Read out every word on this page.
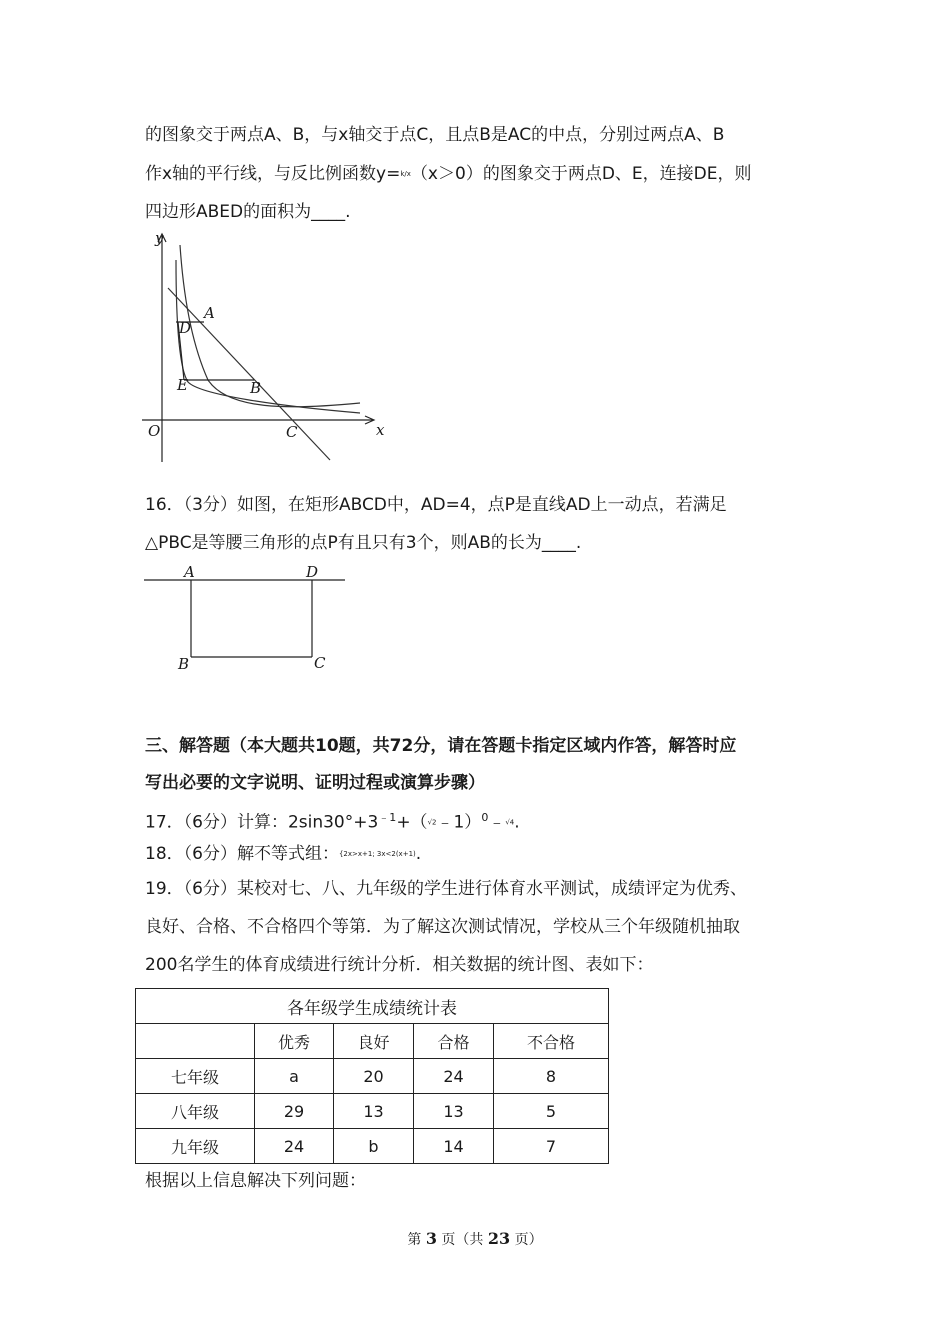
的图象交于两点A、B，与x轴交于点C，且点B是AC的中点，分别过两点A、B
作x轴的平行线，与反比例函数y=k/x（x＞0）的图象交于两点D、E，连接DE，则
四边形ABED的面积为____.
y
x
O
A
B
C
D
E
16．（3分）如图，在矩形ABCD中，AD=4，点P是直线AD上一动点，若满足
△PBC是等腰三角形的点P有且只有3个，则AB的长为____.
A	D
B	C
三、解答题（本大题共10题，共72分，请在答题卡指定区域内作答，解答时应
写出必要的文字说明、证明过程或演算步骤）
17．（6分）计算：$2\sin 30^\circ+3^{﹣1}+(√2﹣1)^0﹣√4$.
18．（6分）解不等式组：{2x>x+1; 3x<2(x+1).
19．（6分）某校对七、八、九年级的学生进行体育水平测试，成绩评定为优秀、
良好、合格、不合格四个等第．为了解这次测试情况，学校从三个年级随机抽取
200名学生的体育成绩进行统计分析．相关数据的统计图、表如下：
各年级学生成绩统计表				
	优秀	良好	合格	不合格
七年级	a	20	24	8
八年级	29	13	13	5
九年级	24	b	14	7
根据以上信息解决下列问题：
第 3 页（共 23 页）
